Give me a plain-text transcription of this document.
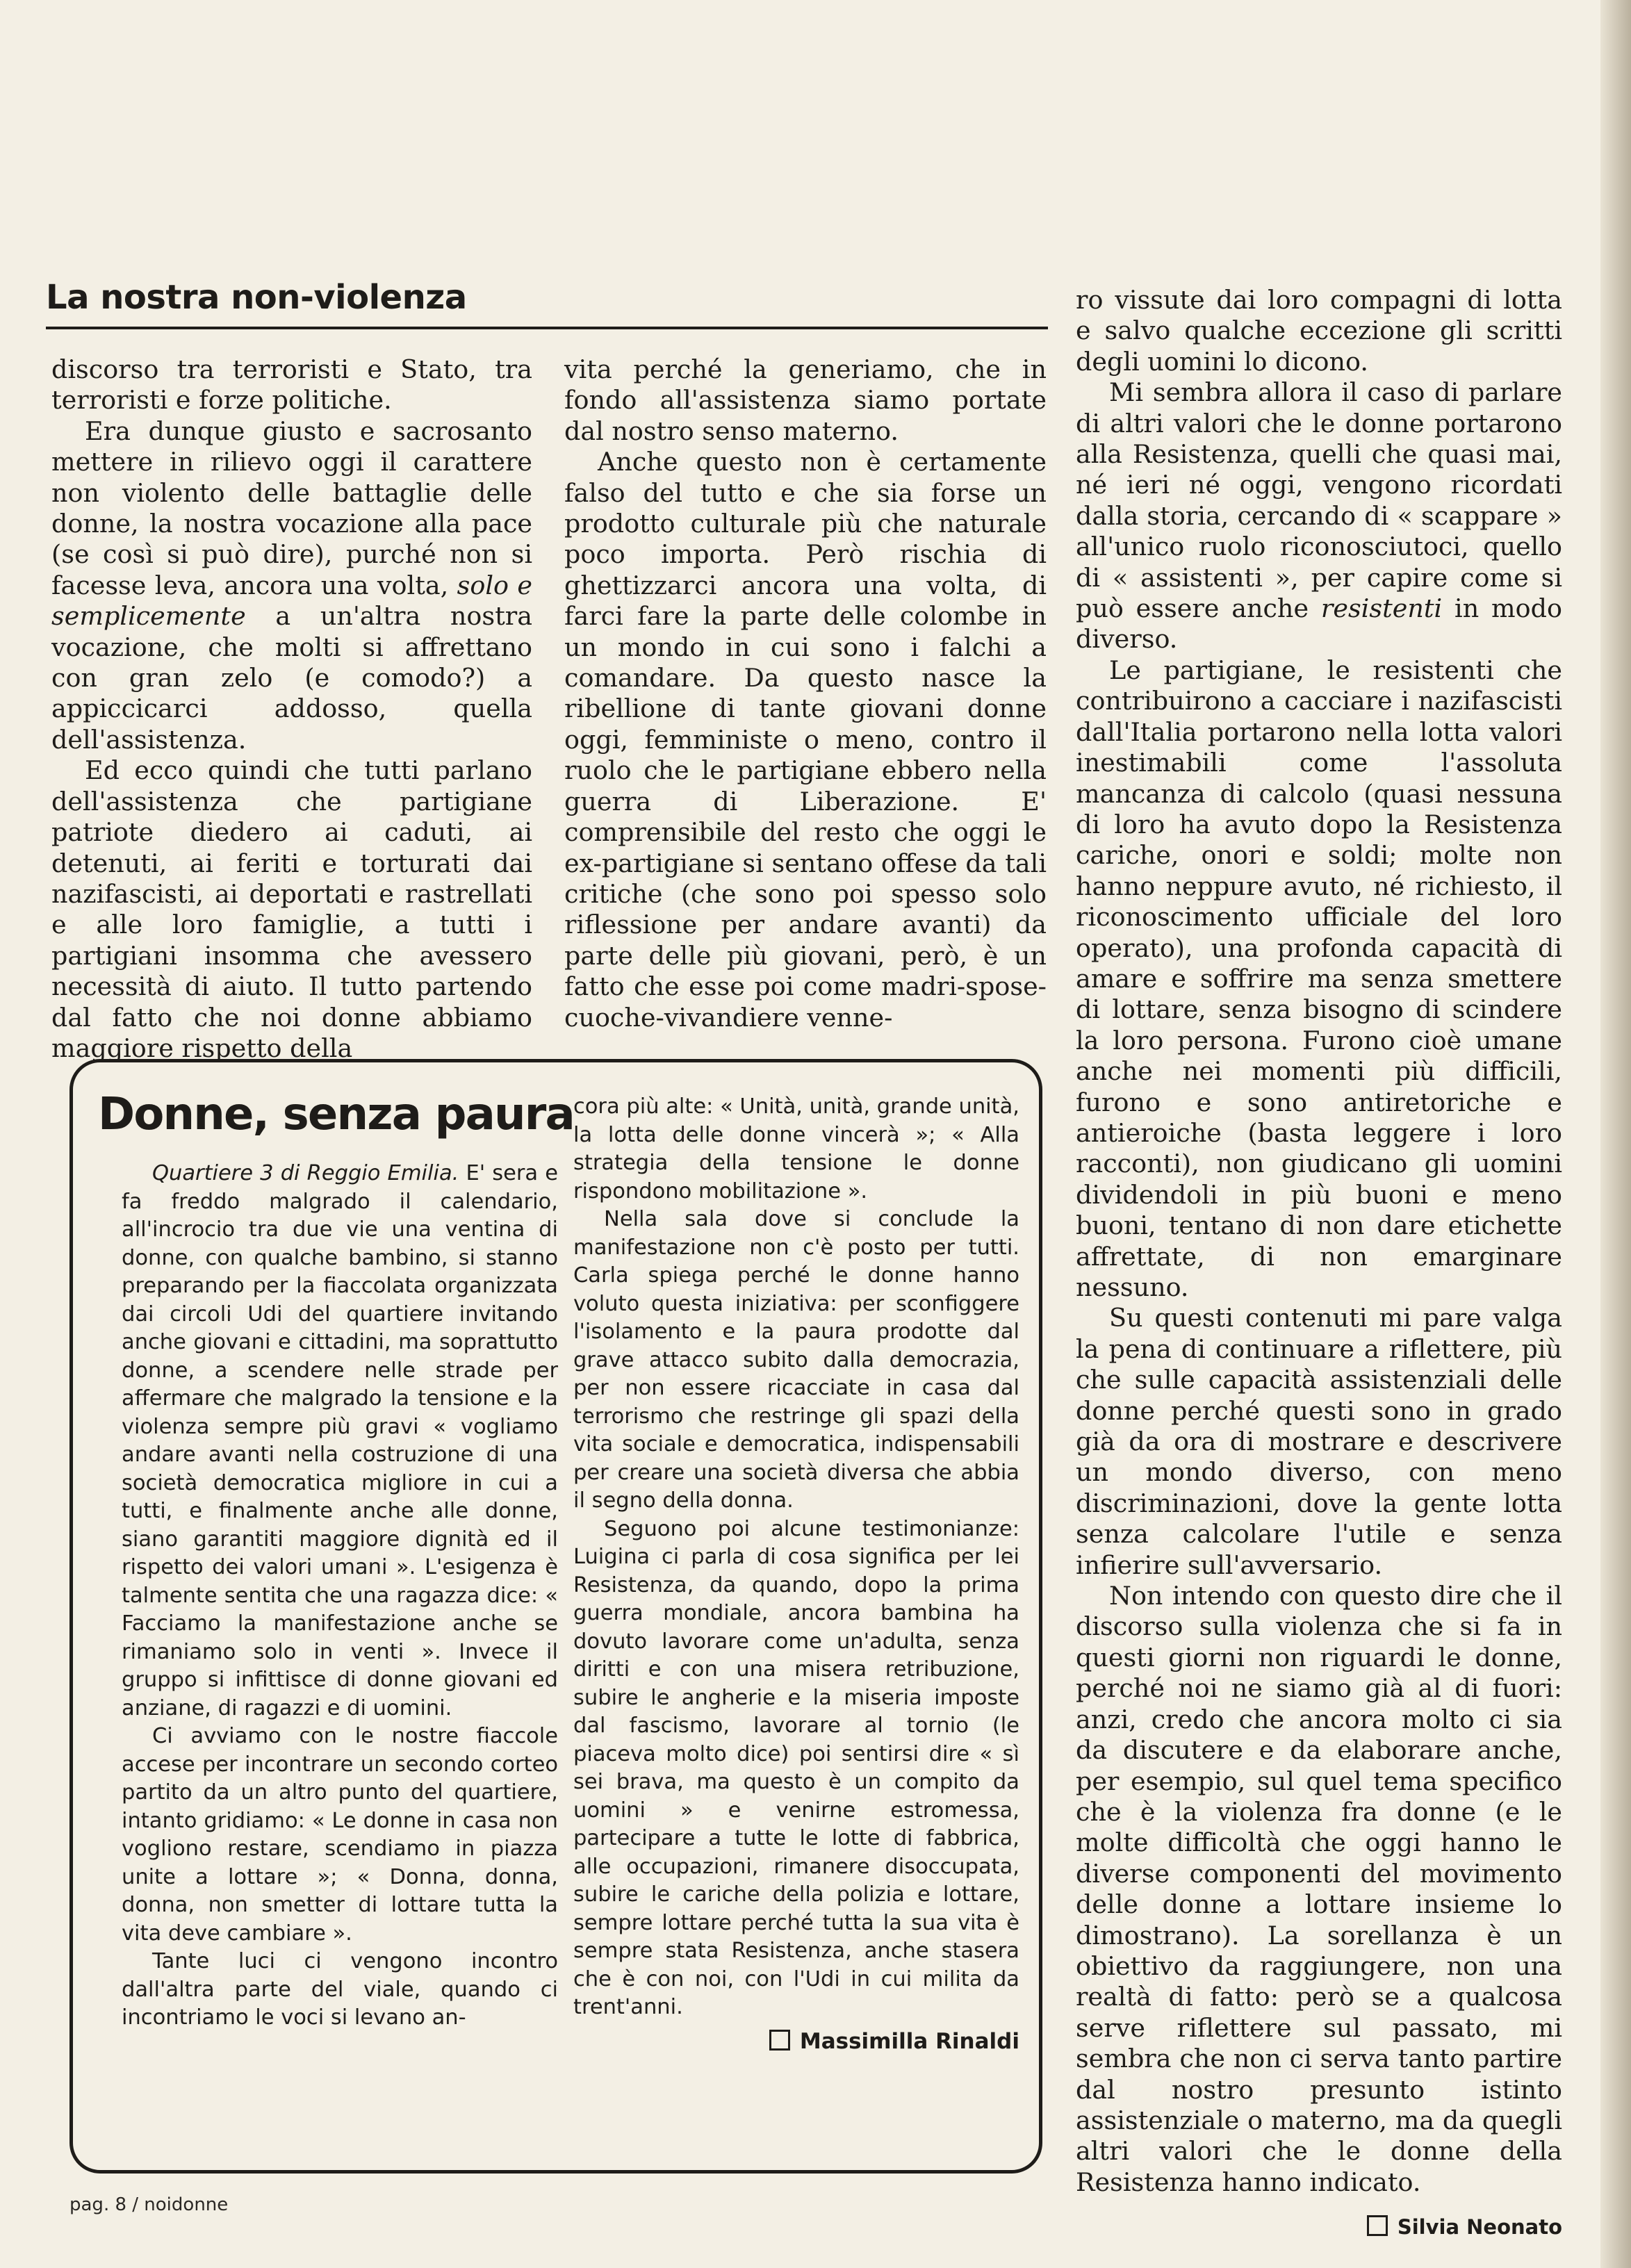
La nostra non-violenza

discorso tra terroristi e Stato, tra terroristi e forze politiche.

Era dunque giusto e sacrosanto mettere in rilievo oggi il carattere non violento delle battaglie delle donne, la nostra vocazione alla pace (se così si può dire), purché non si facesse leva, ancora una volta, solo e semplicemente a un'altra nostra vocazione, che molti si affrettano con gran zelo (e comodo?) a appiccicarci addosso, quella dell'assistenza.

Ed ecco quindi che tutti parlano dell'assistenza che partigiane patriote diedero ai caduti, ai detenuti, ai feriti e torturati dai nazifascisti, ai deportati e rastrellati e alle loro famiglie, a tutti i partigiani insomma che avessero necessità di aiuto. Il tutto partendo dal fatto che noi donne abbiamo maggiore rispetto della

vita perché la generiamo, che in fondo all'assistenza siamo portate dal nostro senso materno.

Anche questo non è certamente falso del tutto e che sia forse un prodotto culturale più che naturale poco importa. Però rischia di ghettizzarci ancora una volta, di farci fare la parte delle colombe in un mondo in cui sono i falchi a comandare. Da questo nasce la ribellione di tante giovani donne oggi, femministe o meno, contro il ruolo che le partigiane ebbero nella guerra di Liberazione. E' comprensibile del resto che oggi le ex-partigiane si sentano offese da tali critiche (che sono poi spesso solo riflessione per andare avanti) da parte delle più giovani, però, è un fatto che esse poi come madri-spose-cuoche-vivandiere venne-

ro vissute dai loro compagni di lotta e salvo qualche eccezione gli scritti degli uomini lo dicono.

Mi sembra allora il caso di parlare di altri valori che le donne portarono alla Resistenza, quelli che quasi mai, né ieri né oggi, vengono ricordati dalla storia, cercando di « scappare » all'unico ruolo riconosciutoci, quello di « assistenti », per capire come si può essere anche resistenti in modo diverso.

Le partigiane, le resistenti che contribuirono a cacciare i nazifascisti dall'Italia portarono nella lotta valori inestimabili come l'assoluta mancanza di calcolo (quasi nessuna di loro ha avuto dopo la Resistenza cariche, onori e soldi; molte non hanno neppure avuto, né richiesto, il riconoscimento ufficiale del loro operato), una profonda capacità di amare e soffrire ma senza smettere di lottare, senza bisogno di scindere la loro persona. Furono cioè umane anche nei momenti più difficili, furono e sono antiretoriche e antieroiche (basta leggere i loro racconti), non giudicano gli uomini dividendoli in più buoni e meno buoni, tentano di non dare etichette affrettate, di non emarginare nessuno.

Su questi contenuti mi pare valga la pena di continuare a riflettere, più che sulle capacità assistenziali delle donne perché questi sono in grado già da ora di mostrare e descrivere un mondo diverso, con meno discriminazioni, dove la gente lotta senza calcolare l'utile e senza infierire sull'avversario.

Non intendo con questo dire che il discorso sulla violenza che si fa in questi giorni non riguardi le donne, perché noi ne siamo già al di fuori: anzi, credo che ancora molto ci sia da discutere e da elaborare anche, per esempio, sul quel tema specifico che è la violenza fra donne (e le molte difficoltà che oggi hanno le diverse componenti del movimento delle donne a lottare insieme lo dimostrano). La sorellanza è un obiettivo da raggiungere, non una realtà di fatto: però se a qualcosa serve riflettere sul passato, mi sembra che non ci serva tanto partire dal nostro presunto istinto assistenziale o materno, ma da quegli altri valori che le donne della Resistenza hanno indicato.

Silvia Neonato
Donne, senza paura

Quartiere 3 di Reggio Emilia. E' sera e fa freddo malgrado il calendario, all'incrocio tra due vie una ventina di donne, con qualche bambino, si stanno preparando per la fiaccolata organizzata dai circoli Udi del quartiere invitando anche giovani e cittadini, ma soprattutto donne, a scendere nelle strade per affermare che malgrado la tensione e la violenza sempre più gravi « vogliamo andare avanti nella costruzione di una società democratica migliore in cui a tutti, e finalmente anche alle donne, siano garantiti maggiore dignità ed il rispetto dei valori umani ». L'esigenza è talmente sentita che una ragazza dice: « Facciamo la manifestazione anche se rimaniamo solo in venti ». Invece il gruppo si infittisce di donne giovani ed anziane, di ragazzi e di uomini.

Ci avviamo con le nostre fiaccole accese per incontrare un secondo corteo partito da un altro punto del quartiere, intanto gridiamo: « Le donne in casa non vogliono restare, scendiamo in piazza unite a lottare »; « Donna, donna, donna, non smetter di lottare tutta la vita deve cambiare ».

Tante luci ci vengono incontro dall'altra parte del viale, quando ci incontriamo le voci si levano an-

cora più alte: « Unità, unità, grande unità, la lotta delle donne vincerà »; « Alla strategia della tensione le donne rispondono mobilitazione ».

Nella sala dove si conclude la manifestazione non c'è posto per tutti. Carla spiega perché le donne hanno voluto questa iniziativa: per sconfiggere l'isolamento e la paura prodotte dal grave attacco subito dalla democrazia, per non essere ricacciate in casa dal terrorismo che restringe gli spazi della vita sociale e democratica, indispensabili per creare una società diversa che abbia il segno della donna.

Seguono poi alcune testimonianze: Luigina ci parla di cosa significa per lei Resistenza, da quando, dopo la prima guerra mondiale, ancora bambina ha dovuto lavorare come un'adulta, senza diritti e con una misera retribuzione, subire le angherie e la miseria imposte dal fascismo, lavorare al tornio (le piaceva molto dice) poi sentirsi dire « sì sei brava, ma questo è un compito da uomini » e venirne estromessa, partecipare a tutte le lotte di fabbrica, alle occupazioni, rimanere disoccupata, subire le cariche della polizia e lottare, sempre lottare perché tutta la sua vita è sempre stata Resistenza, anche stasera che è con noi, con l'Udi in cui milita da trent'anni.

Massimilla Rinaldi

pag. 8 / noidonne
